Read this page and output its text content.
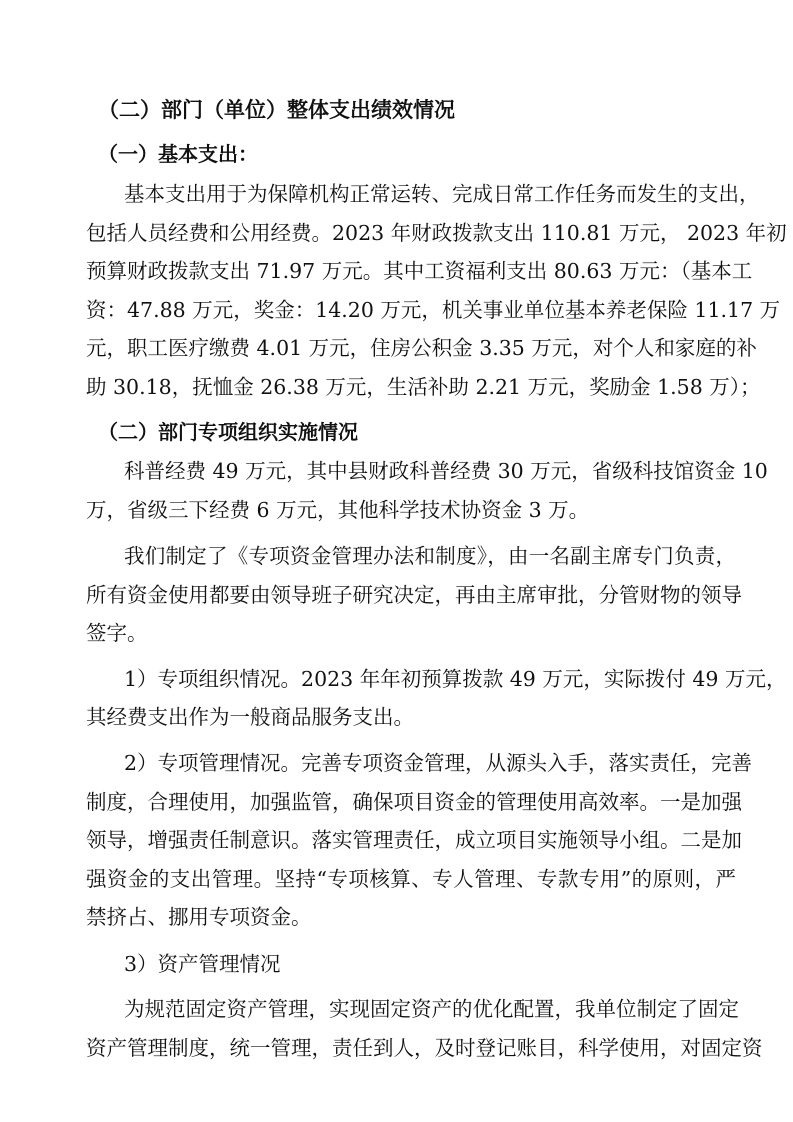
（二）部门（单位）整体支出绩效情况
（一）基本支出：
基本支出用于为保障机构正常运转、完成日常工作任务而发生的支出，
包括人员经费和公用经费。2023 年财政拨款支出 110.81 万元， 2023 年初
预算财政拨款支出 71.97 万元。其中工资福利支出 80.63 万元：（基本工
资：47.88 万元，奖金：14.20 万元，机关事业单位基本养老保险 11.17 万
元，职工医疗缴费 4.01 万元，住房公积金 3.35 万元，对个人和家庭的补
助 30.18，抚恤金 26.38 万元，生活补助 2.21 万元，奖励金 1.58 万）；
（二）部门专项组织实施情况
科普经费 49 万元，其中县财政科普经费 30 万元，省级科技馆资金 10
万，省级三下经费 6 万元，其他科学技术协资金 3 万。
我们制定了《专项资金管理办法和制度》，由一名副主席专门负责，
所有资金使用都要由领导班子研究决定，再由主席审批，分管财物的领导
签字。
1）专项组织情况。2023 年年初预算拨款 49 万元，实际拨付 49 万元，
其经费支出作为一般商品服务支出。
2）专项管理情况。完善专项资金管理，从源头入手，落实责任，完善
制度，合理使用，加强监管，确保项目资金的管理使用高效率。一是加强
领导，增强责任制意识。落实管理责任，成立项目实施领导小组。二是加
强资金的支出管理。坚持“专项核算、专人管理、专款专用”的原则，严
禁挤占、挪用专项资金。
3）资产管理情况
为规范固定资产管理，实现固定资产的优化配置，我单位制定了固定
资产管理制度，统一管理，责任到人，及时登记账目，科学使用，对固定资
